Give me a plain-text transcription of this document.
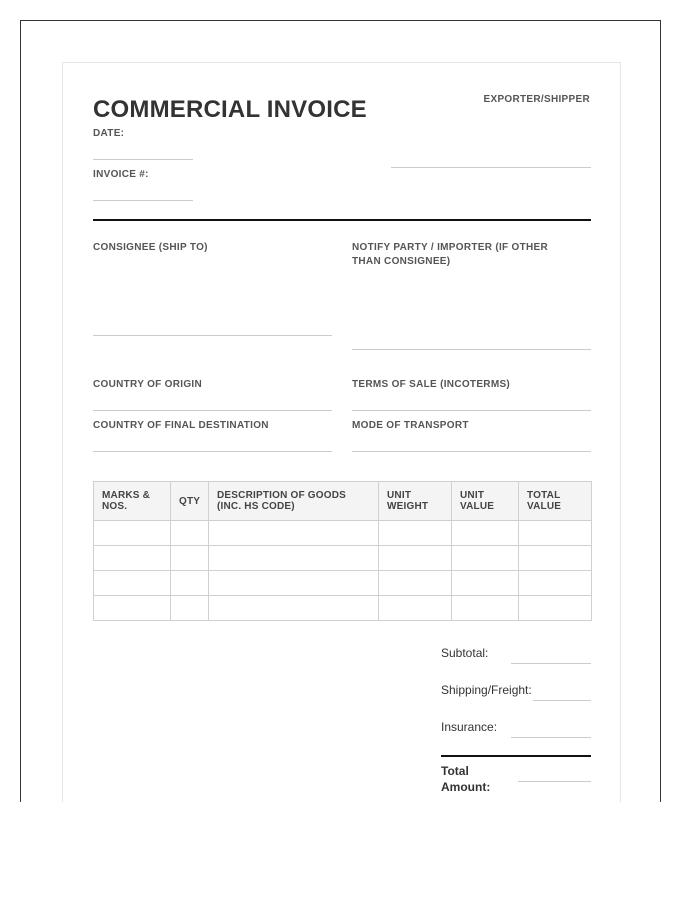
COMMERCIAL INVOICE
DATE:
INVOICE #:
EXPORTER/SHIPPER
CONSIGNEE (SHIP TO)	NOTIFY PARTY / IMPORTER (IF OTHER THAN CONSIGNEE)
COUNTRY OF ORIGIN	TERMS OF SALE (INCOTERMS)
COUNTRY OF FINAL DESTINATION	MODE OF TRANSPORT
MARKS & NOS.	QTY	DESCRIPTION OF GOODS (INC. HS CODE)	UNIT WEIGHT	UNIT VALUE	TOTAL VALUE

Subtotal:
Shipping/Freight:
Insurance:
Total Amount:
